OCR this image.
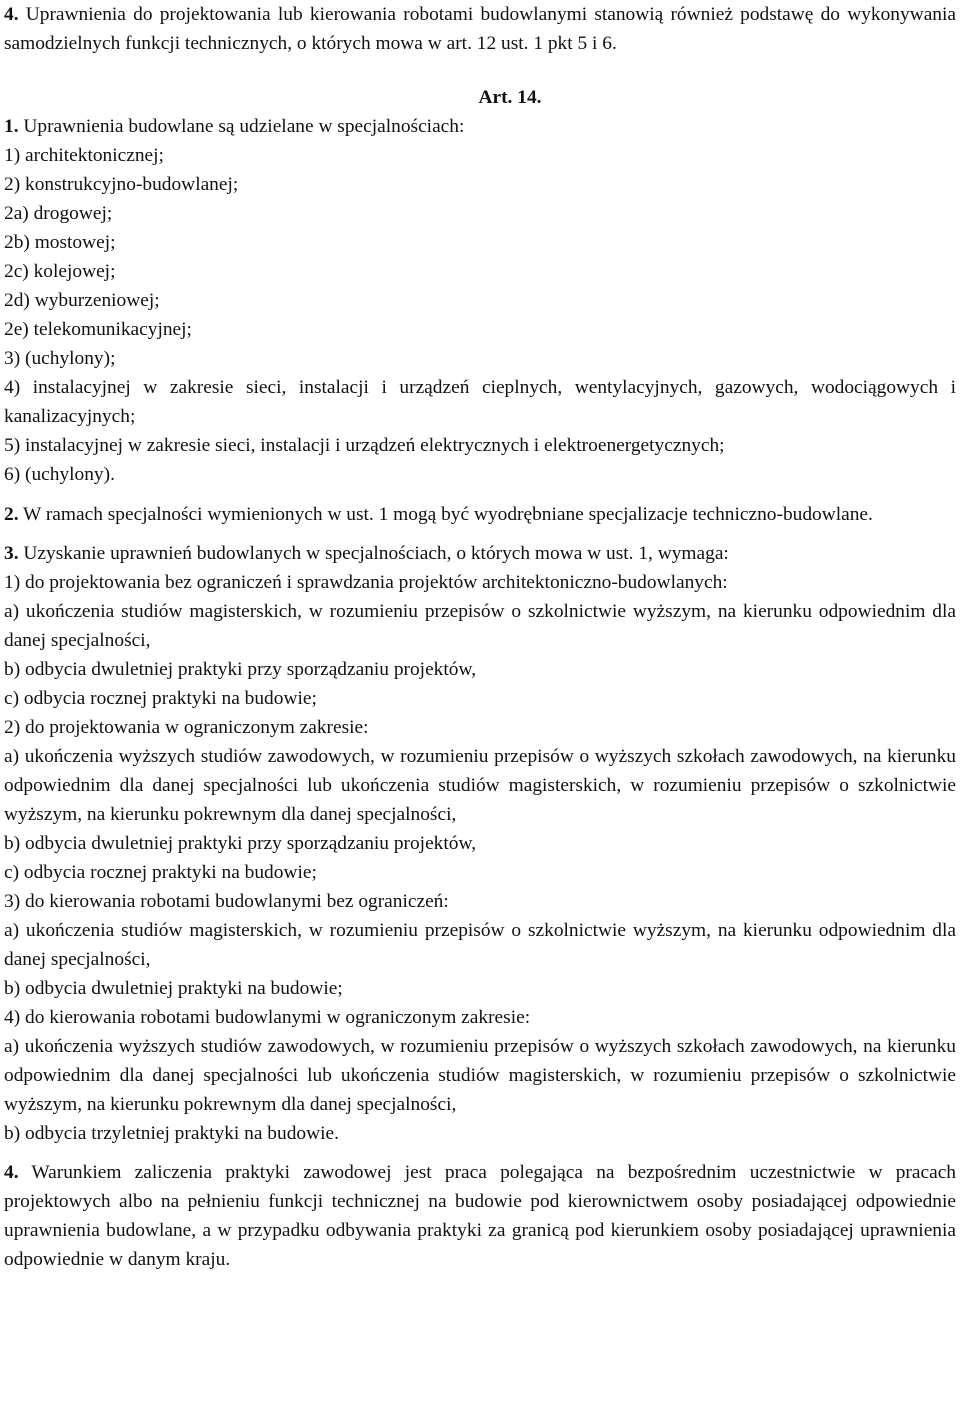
4. Uprawnienia do projektowania lub kierowania robotami budowlanymi stanowią również podstawę do wykonywania samodzielnych funkcji technicznych, o których mowa w art. 12 ust. 1 pkt 5 i 6.

Art. 14.

1. Uprawnienia budowlane są udzielane w specjalnościach:

1) architektonicznej;

2) konstrukcyjno-budowlanej;

2a) drogowej;

2b) mostowej;

2c) kolejowej;

2d) wyburzeniowej;

2e) telekomunikacyjnej;

3) (uchylony);

4) instalacyjnej w zakresie sieci, instalacji i urządzeń cieplnych, wentylacyjnych, gazowych, wodociągowych i kanalizacyjnych;

5) instalacyjnej w zakresie sieci, instalacji i urządzeń elektrycznych i elektroenergetycznych;

6) (uchylony).

2. W ramach specjalności wymienionych w ust. 1 mogą być wyodrębniane specjalizacje techniczno-budowlane.

3. Uzyskanie uprawnień budowlanych w specjalnościach, o których mowa w ust. 1, wymaga:

1) do projektowania bez ograniczeń i sprawdzania projektów architektoniczno-budowlanych:

a) ukończenia studiów magisterskich, w rozumieniu przepisów o szkolnictwie wyższym, na kierunku odpowiednim dla danej specjalności,

b) odbycia dwuletniej praktyki przy sporządzaniu projektów,

c) odbycia rocznej praktyki na budowie;

2) do projektowania w ograniczonym zakresie:

a) ukończenia wyższych studiów zawodowych, w rozumieniu przepisów o wyższych szkołach zawodowych, na kierunku odpowiednim dla danej specjalności lub ukończenia studiów magisterskich, w rozumieniu przepisów o szkolnictwie wyższym, na kierunku pokrewnym dla danej specjalności,

b) odbycia dwuletniej praktyki przy sporządzaniu projektów,

c) odbycia rocznej praktyki na budowie;

3) do kierowania robotami budowlanymi bez ograniczeń:

a) ukończenia studiów magisterskich, w rozumieniu przepisów o szkolnictwie wyższym, na kierunku odpowiednim dla danej specjalności,

b) odbycia dwuletniej praktyki na budowie;

4) do kierowania robotami budowlanymi w ograniczonym zakresie:

a) ukończenia wyższych studiów zawodowych, w rozumieniu przepisów o wyższych szkołach zawodowych, na kierunku odpowiednim dla danej specjalności lub ukończenia studiów magisterskich, w rozumieniu przepisów o szkolnictwie wyższym, na kierunku pokrewnym dla danej specjalności,

b) odbycia trzyletniej praktyki na budowie.

4. Warunkiem zaliczenia praktyki zawodowej jest praca polegająca na bezpośrednim uczestnictwie w pracach projektowych albo na pełnieniu funkcji technicznej na budowie pod kierownictwem osoby posiadającej odpowiednie uprawnienia budowlane, a w przypadku odbywania praktyki za granicą pod kierunkiem osoby posiadającej uprawnienia odpowiednie w danym kraju.
